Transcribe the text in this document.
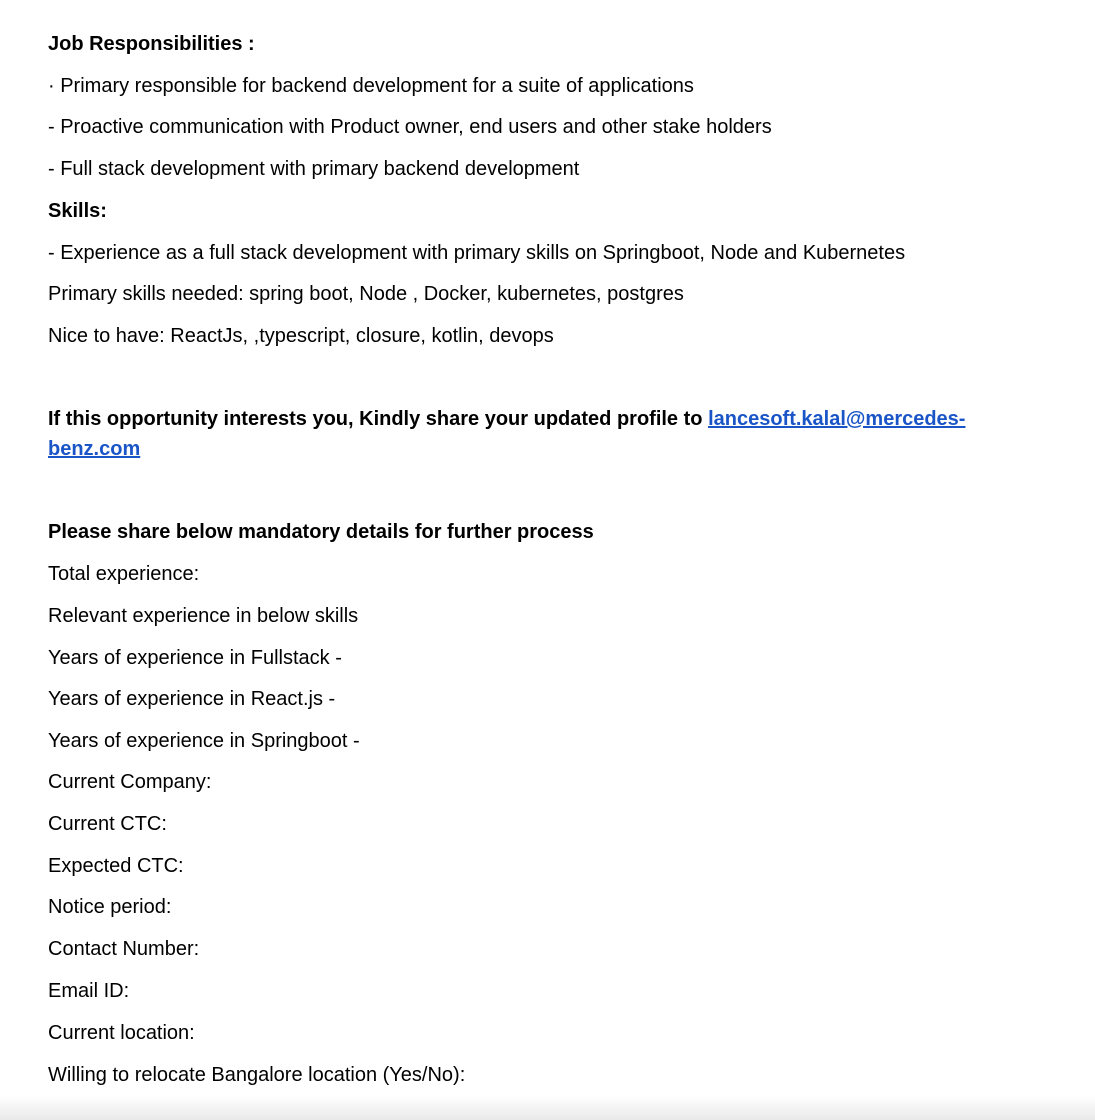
Job Responsibilities :
· Primary responsible for backend development for a suite of applications
- Proactive communication with Product owner, end users and other stake holders
- Full stack development with primary backend development
Skills:
- Experience as a full stack development with primary skills on Springboot, Node and Kubernetes
Primary skills needed: spring boot, Node , Docker, kubernetes, postgres
Nice to have: ReactJs, ,typescript, closure, kotlin, devops
If this opportunity interests you, Kindly share your updated profile to lancesoft.kalal@mercedes-benz.com
Please share below mandatory details for further process
Total experience:
Relevant experience in below skills
Years of experience in Fullstack -
Years of experience in React.js -
Years of experience in Springboot -
Current Company:
Current CTC:
Expected CTC:
Notice period:
Contact Number:
Email ID:
Current location:
Willing to relocate Bangalore location (Yes/No):
